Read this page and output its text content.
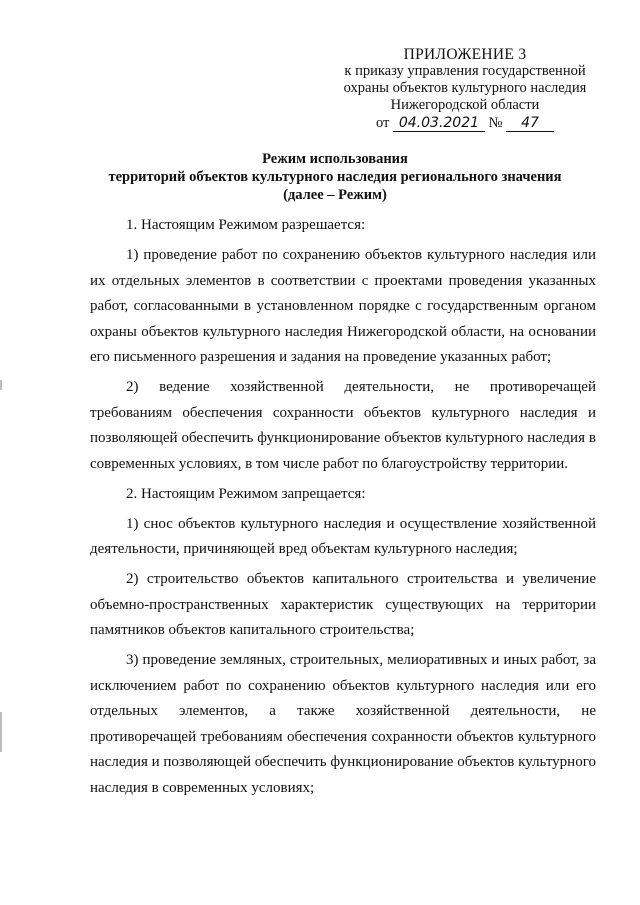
ПРИЛОЖЕНИЕ 3
к приказу управления государственной
охраны объектов культурного наследия
Нижегородской области
от 04.03.2021 № 47
Режим использования
территорий объектов культурного наследия регионального значения
(далее – Режим)

1. Настоящим Режимом разрешается:

1) проведение работ по сохранению объектов культурного наследия или их отдельных элементов в соответствии с проектами проведения указанных работ, согласованными в установленном порядке с государственным органом охраны объектов культурного наследия Нижегородской области, на основании его письменного разрешения и задания на проведение указанных работ;

2) ведение хозяйственной деятельности, не противоречащей требованиям обеспечения сохранности объектов культурного наследия и позволяющей обеспечить функционирование объектов культурного наследия в современных условиях, в том числе работ по благоустройству территории.

2. Настоящим Режимом запрещается:

1) снос объектов культурного наследия и осуществление хозяйственной деятельности, причиняющей вред объектам культурного наследия;

2) строительство объектов капитального строительства и увеличение объемно-пространственных характеристик существующих на территории памятников объектов капитального строительства;

3) проведение земляных, строительных, мелиоративных и иных работ, за исключением работ по сохранению объектов культурного наследия или его отдельных элементов, а также хозяйственной деятельности, не противоречащей требованиям обеспечения сохранности объектов культурного наследия и позволяющей обеспечить функционирование объектов культурного наследия в современных условиях;
